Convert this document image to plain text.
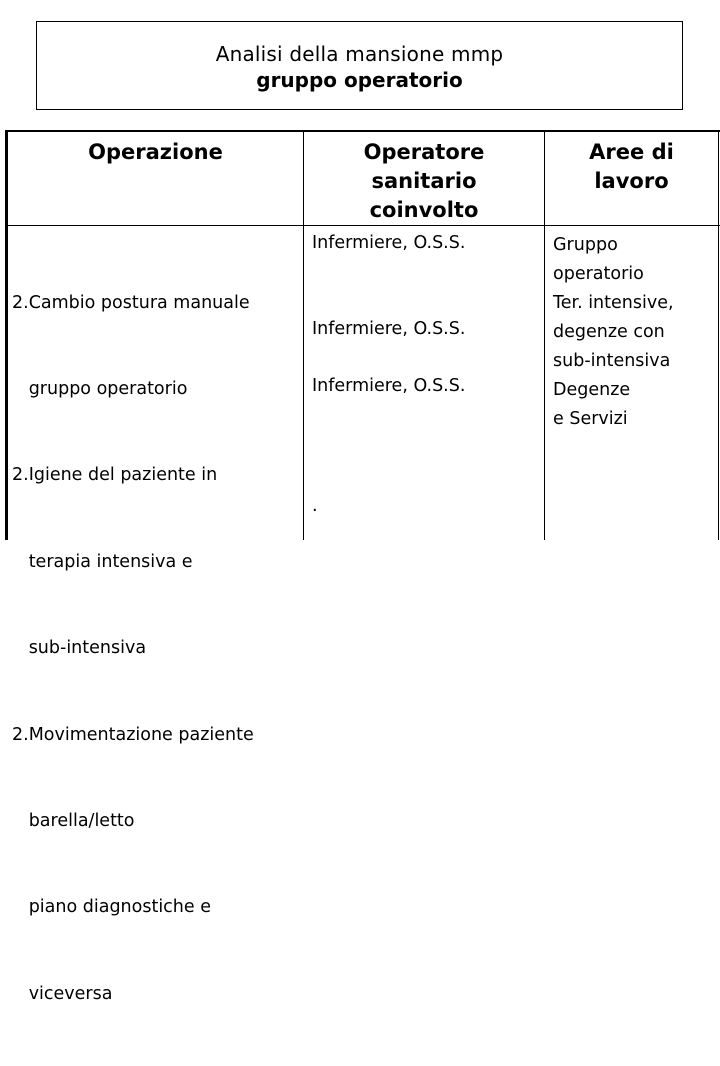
Analisi della mansione mmp
gruppo operatorio
Operazione	Operatore
sanitario
coinvolto
Aree di
lavoro

2.Cambio postura manuale

gruppo operatorio

2.Igiene del paziente in

terapia intensiva e

sub-intensiva

2.Movimentazione paziente

barella/letto

piano diagnostiche e

viceversa

Infermiere, O.S.S.
Infermiere, O.S.S.
Infermiere, O.S.S.
.
Gruppo
operatorio
Ter. intensive,
degenze con
sub-intensiva
Degenze
e Servizi
